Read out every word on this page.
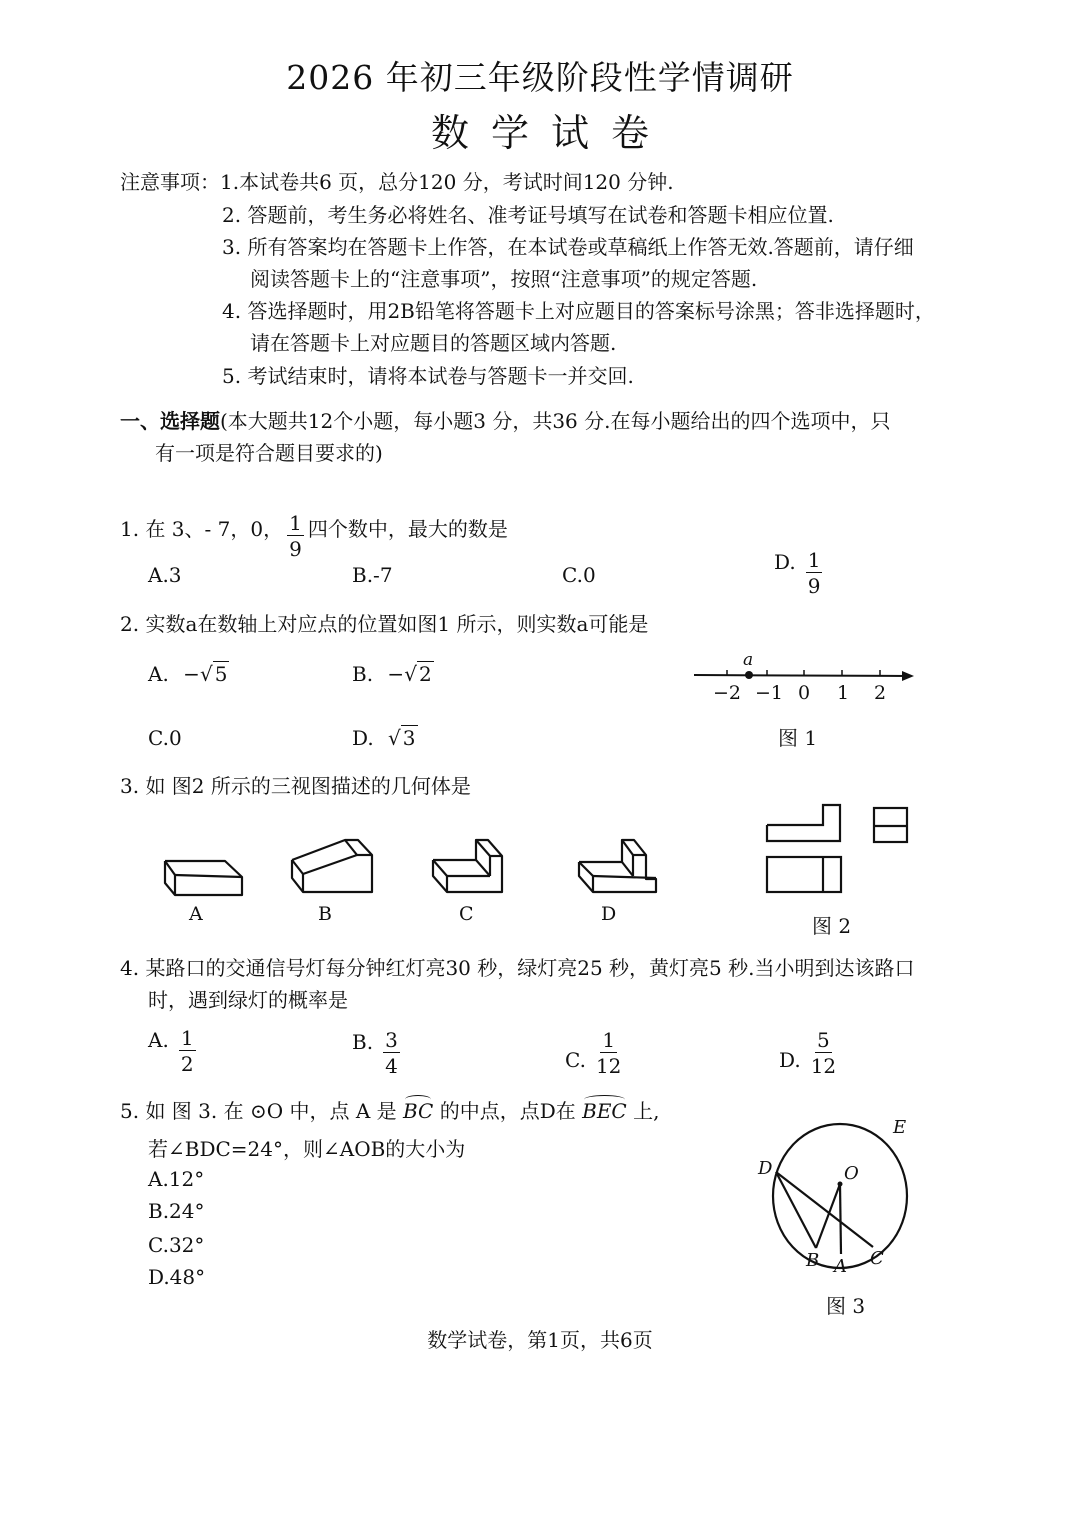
2026 年初三年级阶段性学情调研
数学试卷
注意事项： 1.本试卷共6 页，总分120 分，考试时间120 分钟.
2. 答题前，考生务必将姓名、准考证号填写在试卷和答题卡相应位置.
3. 所有答案均在答题卡上作答，在本试卷或草稿纸上作答无效.答题前，请仔细
阅读答题卡上的“注意事项”，按照“注意事项”的规定答题.
4. 答选择题时，用2B铅笔将答题卡上对应题目的答案标号涂黑；答非选择题时，
请在答题卡上对应题目的答题区域内答题.
5. 考试结束时，请将本试卷与答题卡一并交回.
一、选择题(本大题共12个小题，每小题3 分，共36 分.在每小题给出的四个选项中，只
有一项是符合题目要求的)
1. 在 3、- 7，0， $\frac{1}{9}$ 四个数中，最大的数是
A.3	B.-7	C.0
D. $\frac{1}{9}$
2. 实数a在数轴上对应点的位置如图1 所示，则实数a可能是
A. −√ 5	B. −√ 2
C.0	D. √ 3
a
−2 −1 0 1 2
图 1
3. 如 图2 所示的三视图描述的几何体是
A	B	C	D	图 2
4. 某路口的交通信号灯每分钟红灯亮30 秒，绿灯亮25 秒，黄灯亮5 秒.当小明到达该路口
时，遇到绿灯的概率是
A. $\frac{1}{2}$	B. $\frac{3}{4}$	C. $\frac{1}{12}$	D. $\frac{5}{12}$
5. 如 图 3. 在 ⊙O 中，点 A 是 BC 的中点，点D在 BEC 上,
若∠BDC=24°，则∠AOB的大小为
A.12°
B.24°
C.32°
D.48°
D	O
E
B A C
图 3
数学试卷，第1页，共6页
